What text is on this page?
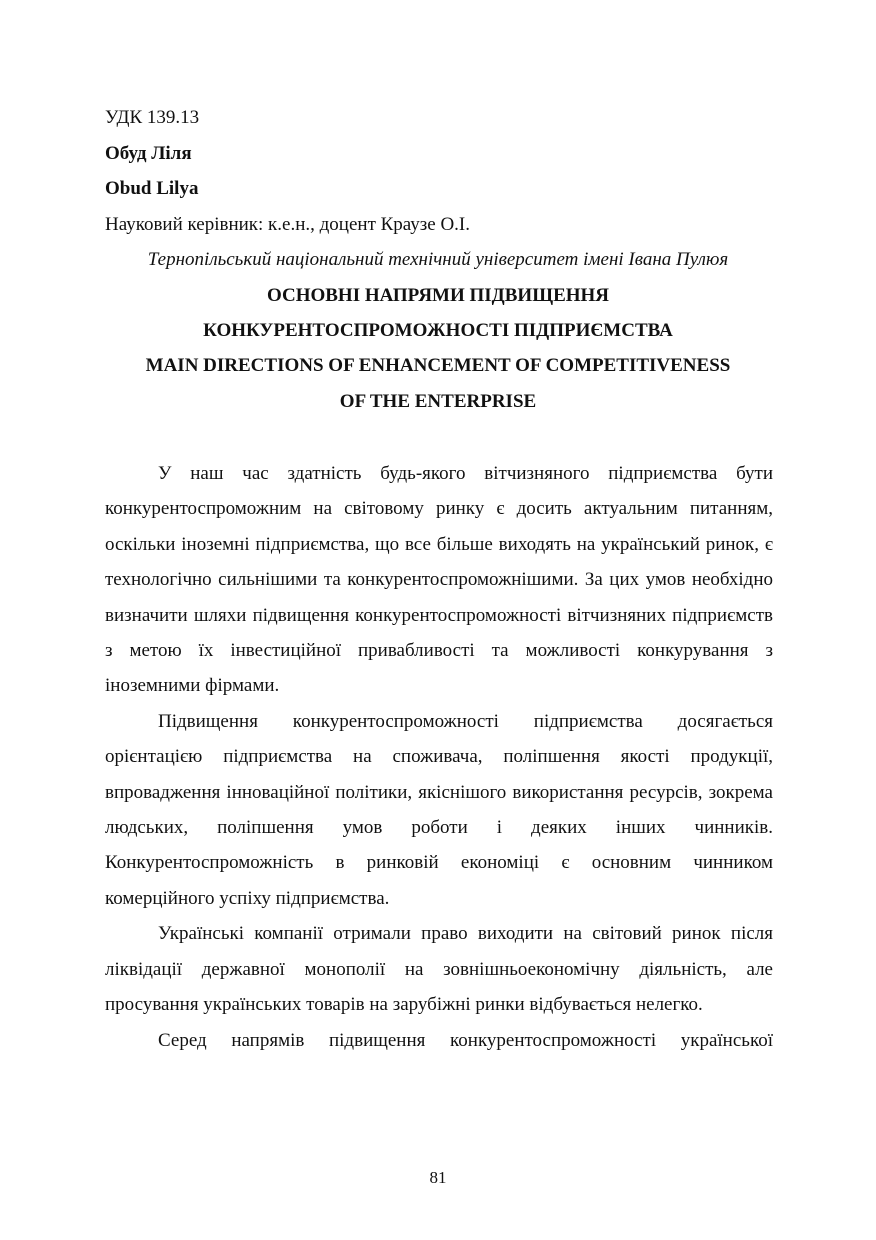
УДК 139.13
Обуд Ліля
Obud Lilya
Науковий керівник: к.е.н., доцент Краузе О.І.
Тернопільський національний технічний університет імені Івана Пулюя
ОСНОВНІ НАПРЯМИ ПІДВИЩЕННЯ
КОНКУРЕНТОСПРОМОЖНОСТІ ПІДПРИЄМСТВА
MAIN DIRECTIONS OF ENHANCEMENT OF COMPETITIVENESS
OF THE ENTERPRISE

У наш час здатність будь-якого вітчизняного підприємства бути конкурентоспроможним на світовому ринку є досить актуальним питанням, оскільки іноземні підприємства, що все більше виходять на український ринок, є технологічно сильнішими та конкурентоспроможнішими. За цих умов необхідно визначити шляхи підвищення конкурентоспроможності вітчизняних підприємств з метою їх інвестиційної привабливості та можливості конкурування з іноземними фірмами.

Підвищення конкурентоспроможності підприємства досягається орієнтацією підприємства на споживача, поліпшення якості продукції, впровадження інноваційної політики, якіснішого використання ресурсів, зокрема людських, поліпшення умов роботи і деяких інших чинників. Конкурентоспроможність в ринковій економіці є основним чинником комерційного успіху підприємства.

Українські компанії отримали право виходити на світовий ринок після ліквідації державної монополії на зовнішньоекономічну діяльність, але просування українських товарів на зарубіжні ринки відбувається нелегко.

Серед напрямів підвищення конкурентоспроможності української

81
